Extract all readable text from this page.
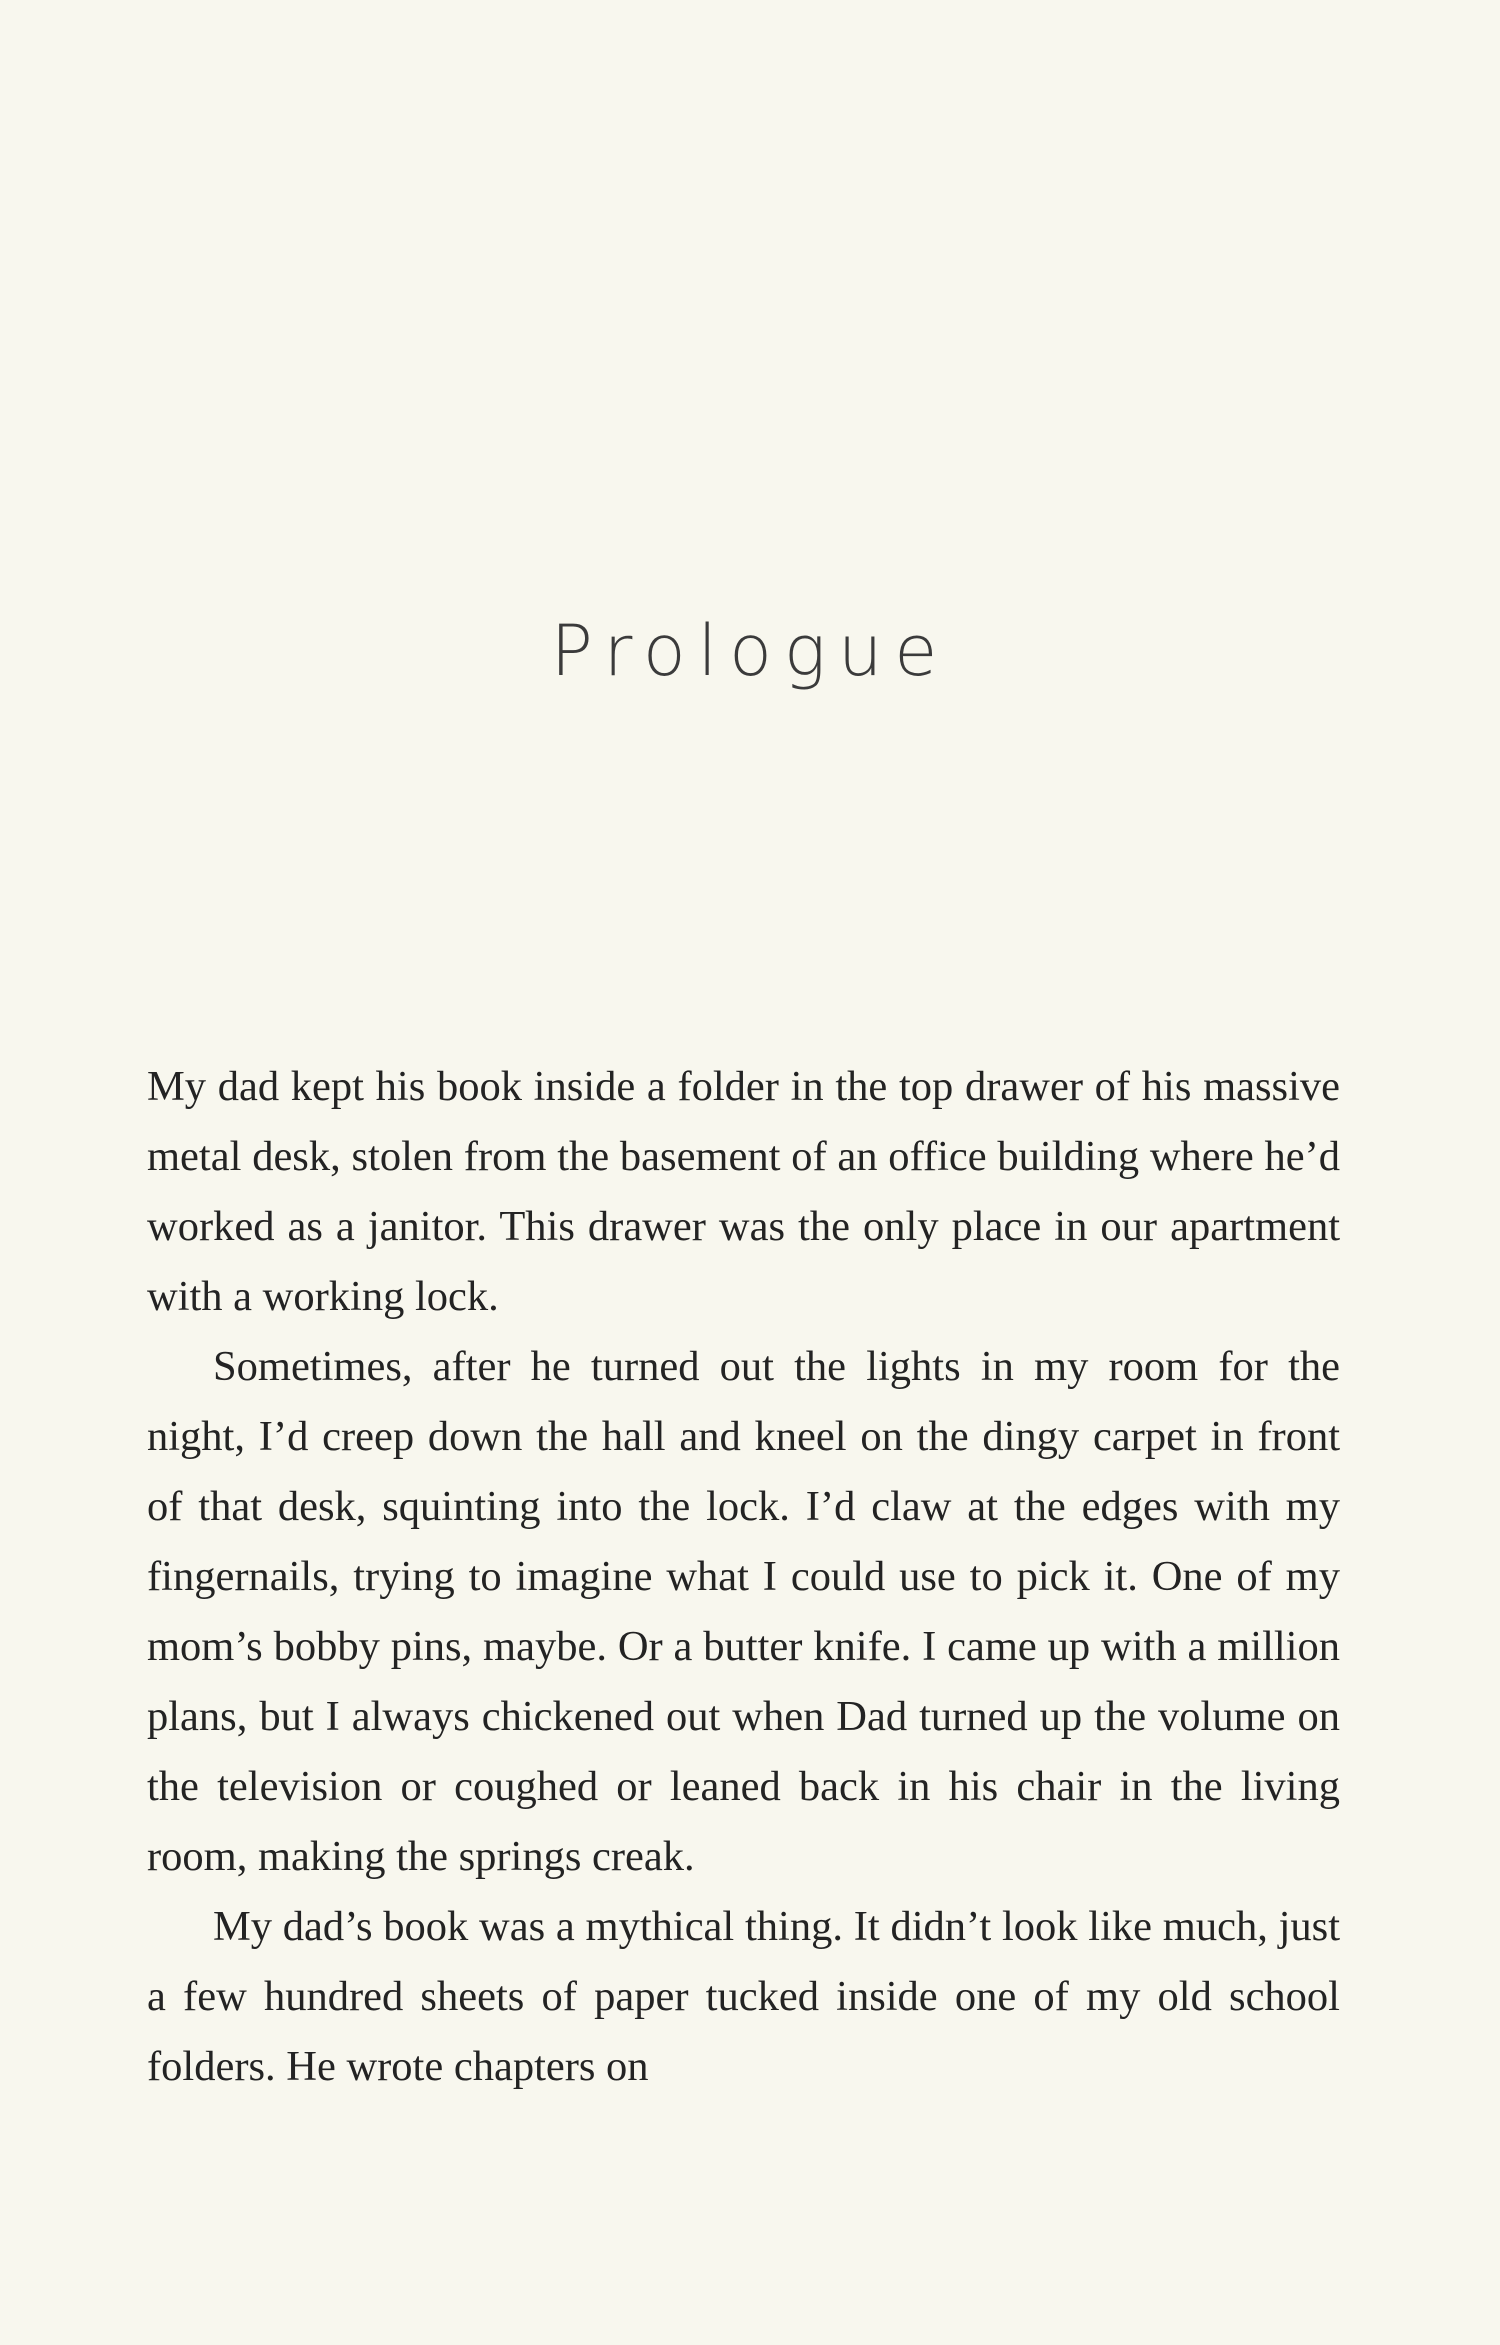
Prologue

My dad kept his book inside a folder in the top drawer of his massive metal desk, stolen from the basement of an office building where he’d worked as a janitor. This drawer was the only place in our apartment with a working lock.

Sometimes, after he turned out the lights in my room for the night, I’d creep down the hall and kneel on the dingy carpet in front of that desk, squinting into the lock. I’d claw at the edges with my fingernails, trying to imagine what I could use to pick it. One of my mom’s bobby pins, maybe. Or a butter knife. I came up with a million plans, but I always chickened out when Dad turned up the volume on the television or coughed or leaned back in his chair in the living room, making the springs creak.

My dad’s book was a mythical thing. It didn’t look like much, just a few hundred sheets of paper tucked inside one of my old school folders. He wrote chapters on
